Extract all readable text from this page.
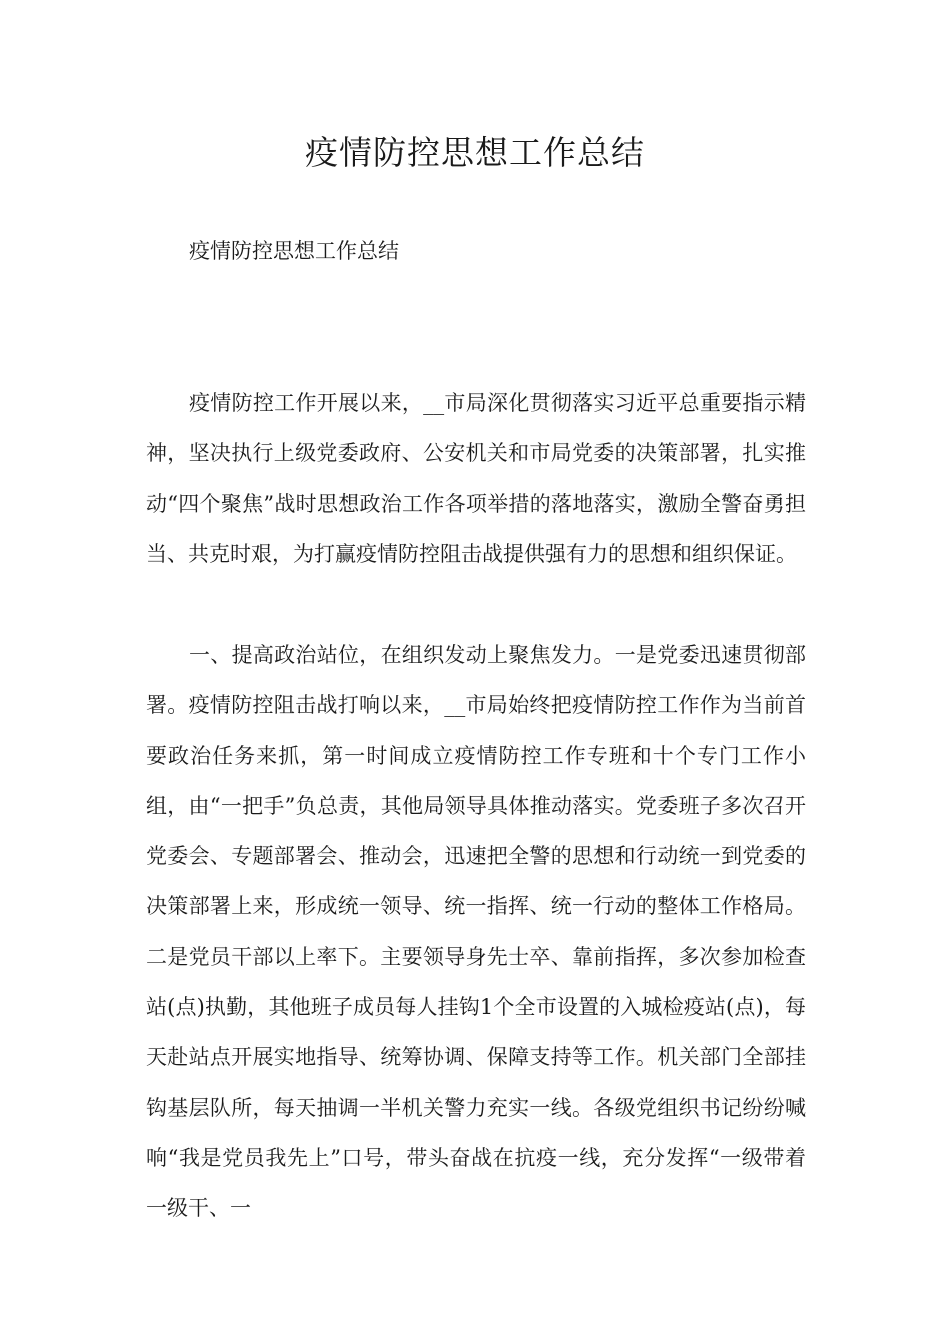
疫情防控思想工作总结

疫情防控思想工作总结

疫情防控工作开展以来，__市局深化贯彻落实习近平总重要指示精神，坚决执行上级党委政府、公安机关和市局党委的决策部署，扎实推动“四个聚焦”战时思想政治工作各项举措的落地落实，激励全警奋勇担当、共克时艰，为打赢疫情防控阻击战提供强有力的思想和组织保证。

一、提高政治站位，在组织发动上聚焦发力。一是党委迅速贯彻部署。疫情防控阻击战打响以来，__市局始终把疫情防控工作作为当前首要政治任务来抓，第一时间成立疫情防控工作专班和十个专门工作小组，由“一把手”负总责，其他局领导具体推动落实。党委班子多次召开党委会、专题部署会、推动会，迅速把全警的思想和行动统一到党委的决策部署上来，形成统一领导、统一指挥、统一行动的整体工作格局。二是党员干部以上率下。主要领导身先士卒、靠前指挥，多次参加检查站(点)执勤，其他班子成员每人挂钩1个全市设置的入城检疫站(点)，每天赴站点开展实地指导、统筹协调、保障支持等工作。机关部门全部挂钩基层队所，每天抽调一半机关警力充实一线。各级党组织书记纷纷喊响“我是党员我先上”口号，带头奋战在抗疫一线，充分发挥“一级带着一级干、一
